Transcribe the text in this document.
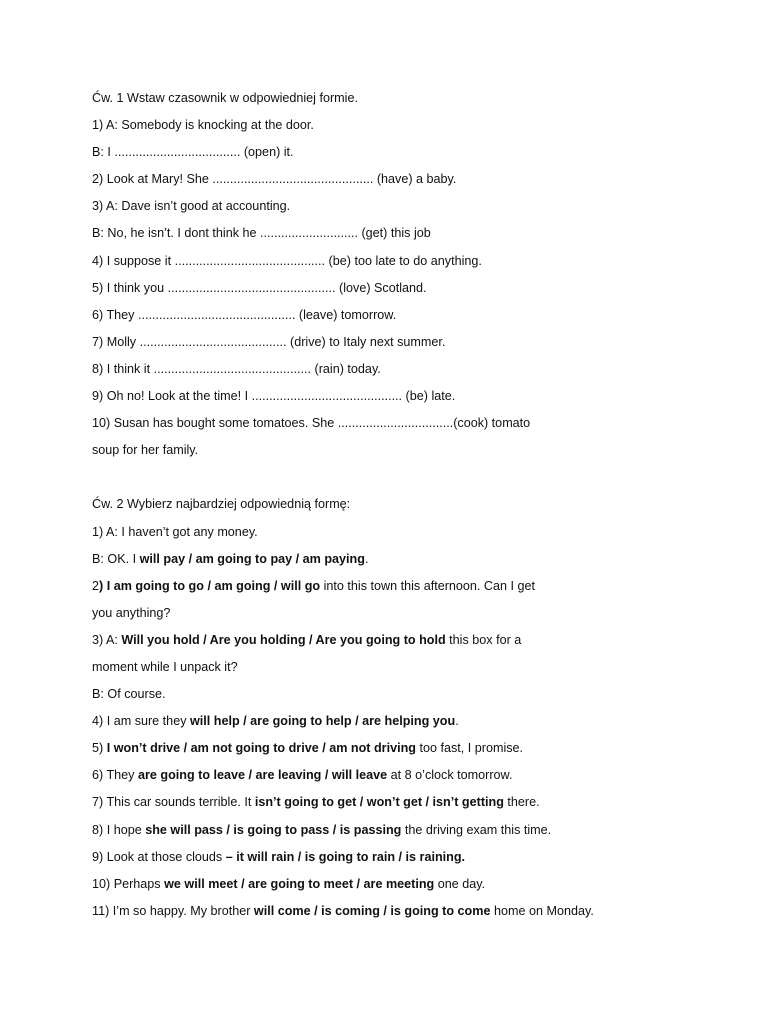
Ćw. 1 Wstaw czasownik w odpowiedniej formie.
1) A: Somebody is knocking at the door.
B: I .................................... (open) it.
2) Look at Mary! She .............................................. (have) a baby.
3) A: Dave isn’t good at accounting.
B: No, he isn’t. I dont think he ............................ (get) this job
4) I suppose it ........................................... (be) too late to do anything.
5) I think you ................................................ (love) Scotland.
6) They ............................................. (leave) tomorrow.
7) Molly .......................................... (drive) to Italy next summer.
8) I think it ............................................. (rain) today.
9) Oh no! Look at the time! I ........................................... (be) late.
10) Susan has bought some tomatoes. She .................................(cook) tomato
soup for her family.
Ćw. 2 Wybierz najbardziej odpowiednią formę:
1) A: I haven’t got any money.
B: OK. I will pay / am going to pay / am paying.
2) I am going to go / am going / will go into this town this afternoon. Can I get
you anything?
3) A: Will you hold / Are you holding / Are you going to hold this box for a
moment while I unpack it?
B: Of course.
4) I am sure they will help / are going to help / are helping you.
5) I won’t drive / am not going to drive / am not driving too fast, I promise.
6) They are going to leave / are leaving / will leave at 8 o’clock tomorrow.
7) This car sounds terrible. It isn’t going to get / won’t get / isn’t getting there.
8) I hope she will pass / is going to pass / is passing the driving exam this time.
9) Look at those clouds – it will rain / is going to rain / is raining.
10) Perhaps we will meet / are going to meet / are meeting one day.
11) I’m so happy. My brother will come / is coming / is going to come home on Monday.
